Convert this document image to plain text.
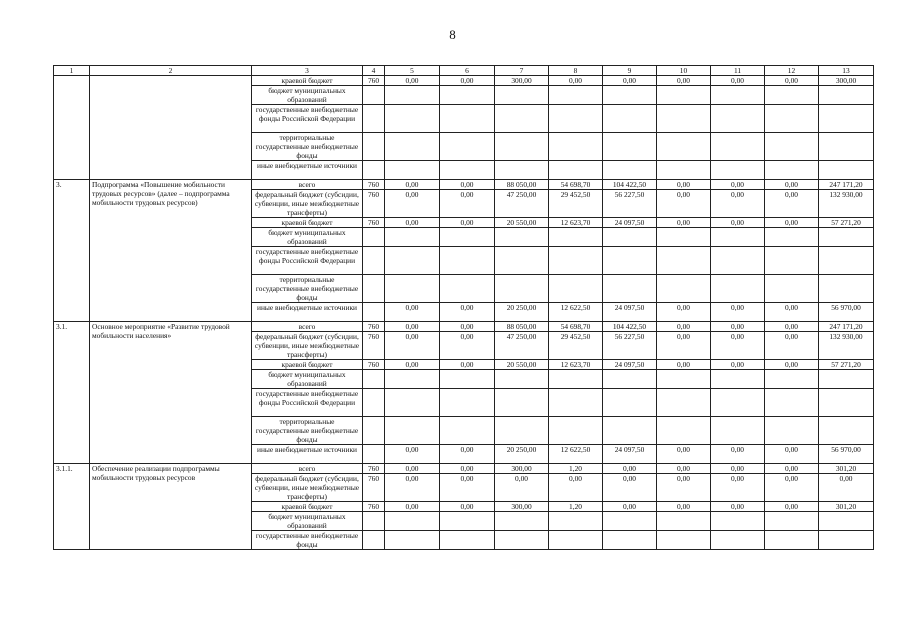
8
1	2	3	4	5	6	7	8	9	10	11	12	13
		краевой бюджет	760	0,00	0,00	300,00	0,00	0,00	0,00	0,00	0,00	300,00
		бюджет муниципальных образований										
		государственные внебюджетные фонды Российской Федерации										
		территориальные государственные внебюджетные фонды										
		иные внебюджетные источники										
3.	Подпрограмма «Повышение мобильности трудовых ресурсов» (далее – подпрограмма мобильности трудовых ресурсов)	всего	760	0,00	0,00	88 050,00	54 698,70	104 422,50	0,00	0,00	0,00	247 171,20
		федеральный бюджет (субсидии, субвенции, иные межбюджетные трансферты)	760	0,00	0,00	47 250,00	29 452,50	56 227,50	0,00	0,00	0,00	132 930,00
		краевой бюджет	760	0,00	0,00	20 550,00	12 623,70	24 097,50	0,00	0,00	0,00	57 271,20
		бюджет муниципальных образований										
		государственные внебюджетные фонды Российской Федерации										
		территориальные государственные внебюджетные фонды										
		иные внебюджетные источники		0,00	0,00	20 250,00	12 622,50	24 097,50	0,00	0,00	0,00	56 970,00
3.1.	Основное мероприятие «Развитие трудовой мобильности населения»	всего	760	0,00	0,00	88 050,00	54 698,70	104 422,50	0,00	0,00	0,00	247 171,20
		федеральный бюджет (субсидии, субвенции, иные межбюджетные трансферты)	760	0,00	0,00	47 250,00	29 452,50	56 227,50	0,00	0,00	0,00	132 930,00
		краевой бюджет	760	0,00	0,00	20 550,00	12 623,70	24 097,50	0,00	0,00	0,00	57 271,20
		бюджет муниципальных образований										
		государственные внебюджетные фонды Российской Федерации										
		территориальные государственные внебюджетные фонды										
		иные внебюджетные источники		0,00	0,00	20 250,00	12 622,50	24 097,50	0,00	0,00	0,00	56 970,00
3.1.1.	Обеспечение реализации подпрограммы мобильности трудовых ресурсов	всего	760	0,00	0,00	300,00	1,20	0,00	0,00	0,00	0,00	301,20
		федеральный бюджет (субсидии, субвенции, иные межбюджетные трансферты)	760	0,00	0,00	0,00	0,00	0,00	0,00	0,00	0,00	0,00
		краевой бюджет	760	0,00	0,00	300,00	1,20	0,00	0,00	0,00	0,00	301,20
		бюджет муниципальных образований										
		государственные внебюджетные фонды										
